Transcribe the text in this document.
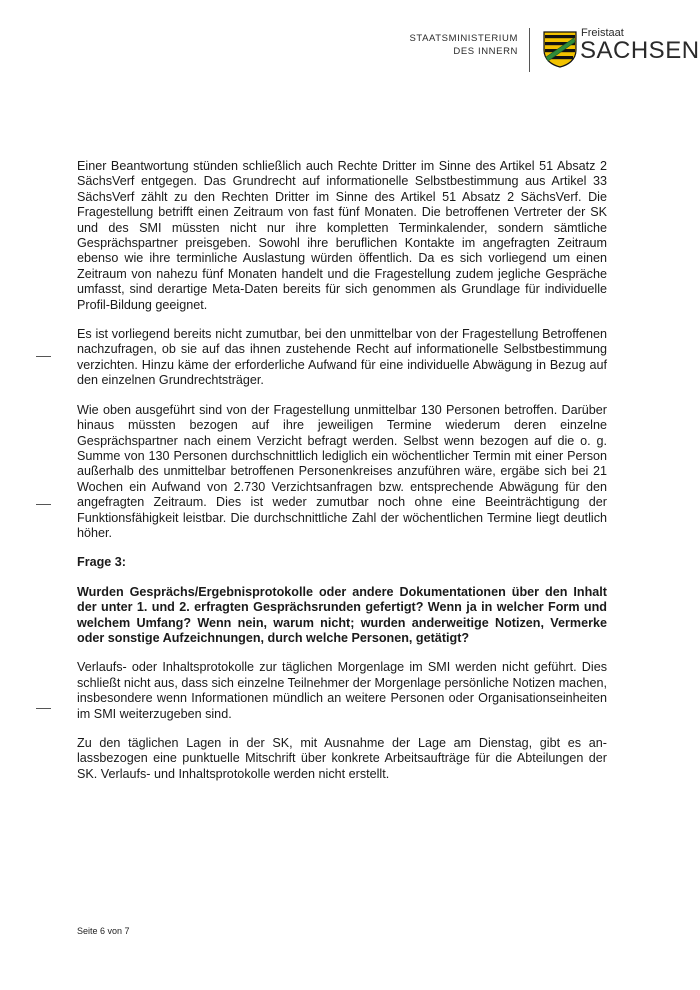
STAATSMINISTERIUM
DES INNERN
Freistaat
SACHSEN

Einer Beantwortung stünden schließlich auch Rechte Dritter im Sinne des Artikel 51 Absatz 2 SächsVerf entgegen. Das Grundrecht auf informationelle Selbstbestimmung aus Artikel 33 SächsVerf zählt zu den Rechten Dritter im Sinne des Artikel 51 Absatz 2 SächsVerf. Die Fragestellung betrifft einen Zeitraum von fast fünf Monaten. Die betroffenen Vertreter der SK und des SMI müssten nicht nur ihre kompletten Terminkalender, sondern sämtliche Gesprächspartner preisgeben. Sowohl ihre beruflichen Kontakte im angefragten Zeitraum ebenso wie ihre terminliche Auslastung würden öffentlich. Da es sich vorliegend um einen Zeitraum von nahezu fünf Monaten handelt und die Fragestellung zudem jegliche Gespräche umfasst, sind derartige Meta-Daten bereits für sich genommen als Grundlage für individuelle Profil-Bildung geeignet.

Es ist vorliegend bereits nicht zumutbar, bei den unmittelbar von der Fragestellung Betroffenen nachzufragen, ob sie auf das ihnen zustehende Recht auf informationelle Selbstbestimmung verzichten. Hinzu käme der erforderliche Aufwand für eine individuelle Abwägung in Bezug auf den einzelnen Grundrechtsträger.

Wie oben ausgeführt sind von der Fragestellung unmittelbar 130 Personen betroffen. Darüber hinaus müssten bezogen auf ihre jeweiligen Termine wiederum deren einzelne Gesprächspartner nach einem Verzicht befragt werden. Selbst wenn bezogen auf die o. g. Summe von 130 Personen durchschnittlich lediglich ein wöchentlicher Termin mit einer Person außerhalb des unmittelbar betroffenen Personenkreises anzuführen wäre, ergäbe sich bei 21 Wochen ein Aufwand von 2.730 Verzichtsanfragen bzw. entsprechende Abwägung für den angefragten Zeitraum. Dies ist weder zumutbar noch ohne eine Beeinträchtigung der Funktionsfähigkeit leistbar. Die durchschnittliche Zahl der wöchentlichen Termine liegt deutlich höher.

Frage 3:

Wurden Gesprächs/Ergebnisprotokolle oder andere Dokumentationen über den Inhalt der unter 1. und 2. erfragten Gesprächsrunden gefertigt? Wenn ja in welcher Form und welchem Umfang? Wenn nein, warum nicht; wurden anderweitige Notizen, Vermerke oder sonstige Aufzeichnungen, durch welche Personen, getätigt?

Verlaufs- oder Inhaltsprotokolle zur täglichen Morgenlage im SMI werden nicht geführt. Dies schließt nicht aus, dass sich einzelne Teilnehmer der Morgenlage persönliche Notizen machen, insbesondere wenn Informationen mündlich an weitere Personen oder Organisationseinheiten im SMI weiterzugeben sind.

Zu den täglichen Lagen in der SK, mit Ausnahme der Lage am Dienstag, gibt es anlassbezogen eine punktuelle Mitschrift über konkrete Arbeitsaufträge für die Abteilungen der SK. Verlaufs- und Inhaltsprotokolle werden nicht erstellt.

Seite 6 von 7
